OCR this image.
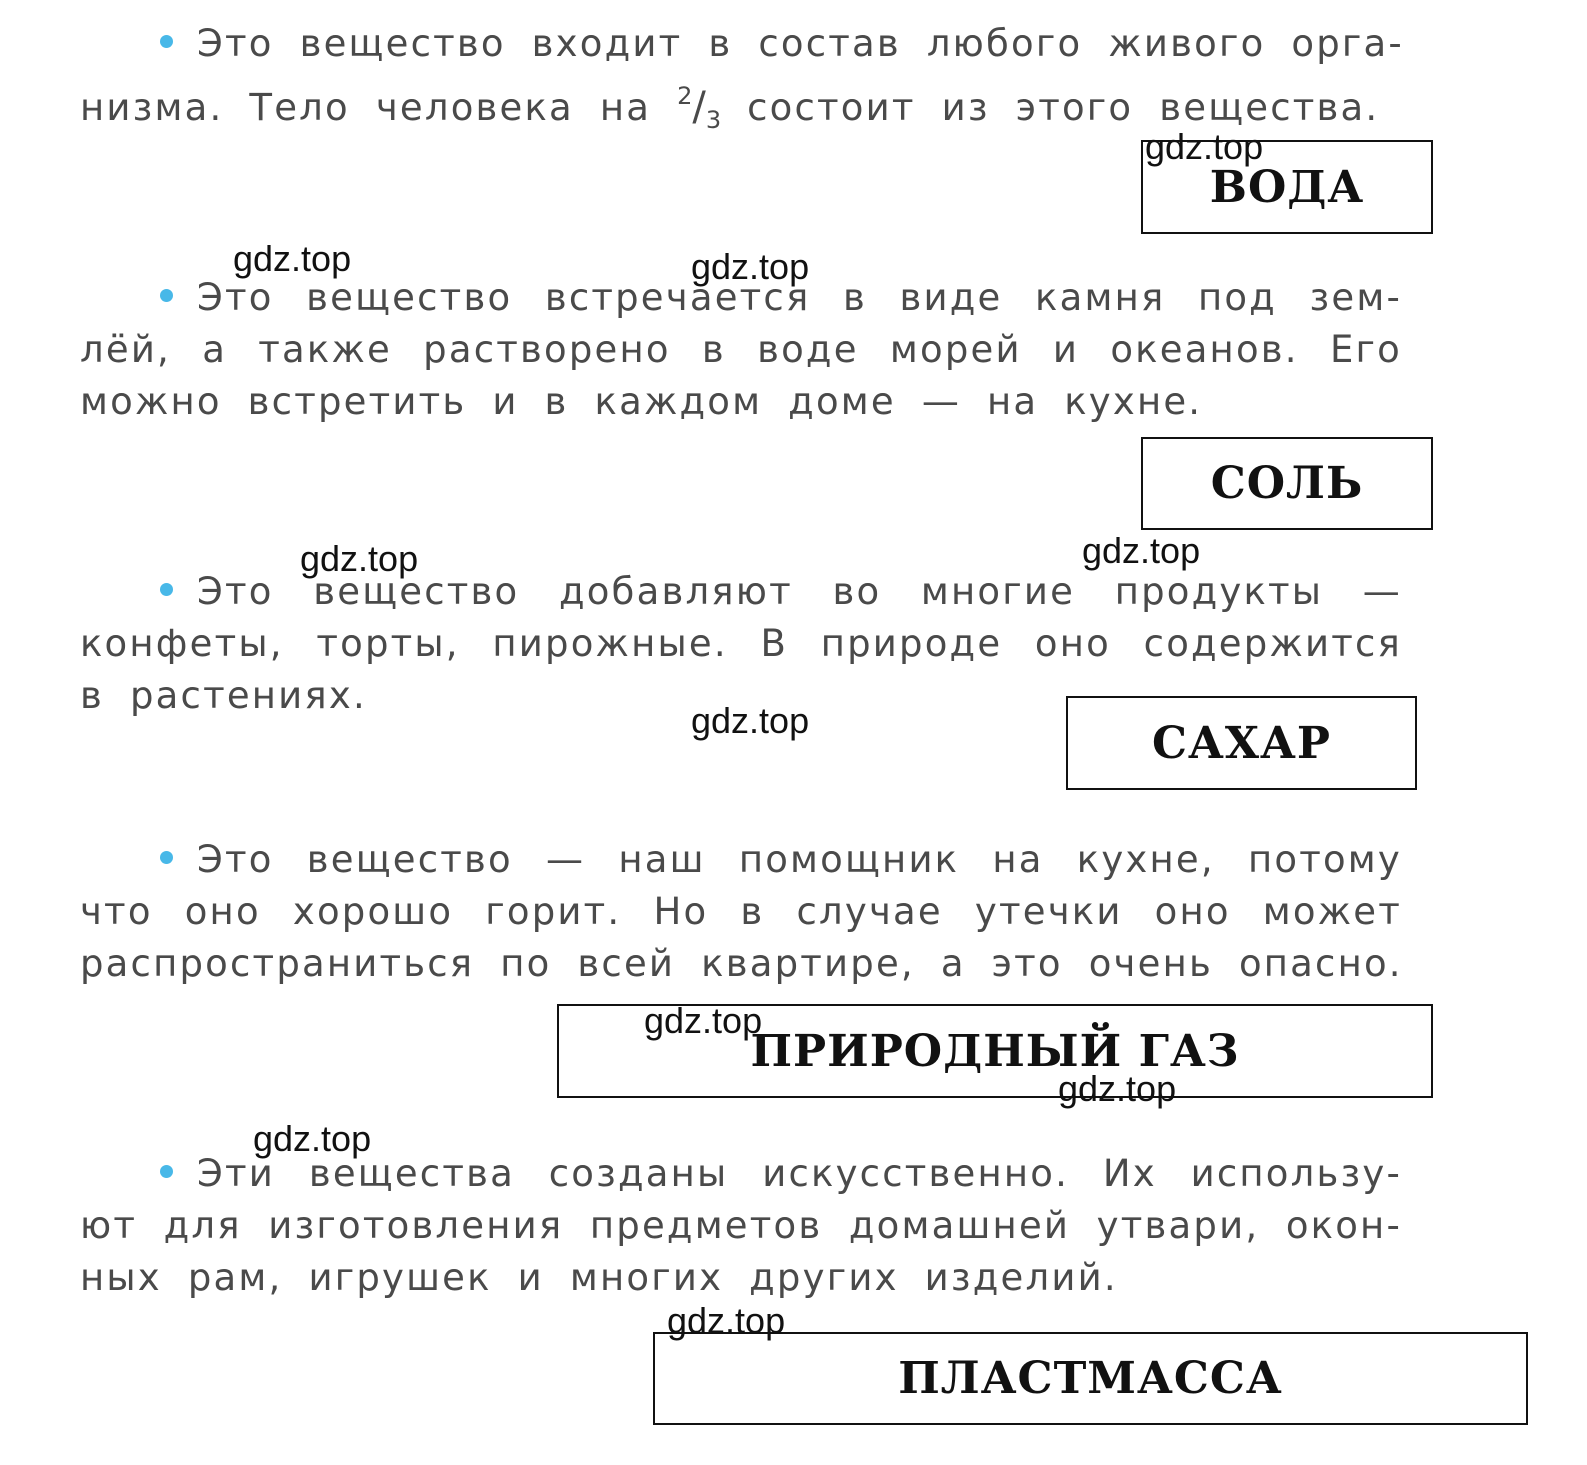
Это вещество входит в состав любого живого орга-
низма. Тело человека на $^2/_3$ состоит из этого вещества.
ВОДА
Это вещество встречается в виде камня под зем-
лёй, а также растворено в воде морей и океанов. Его
можно встретить и в каждом доме — на кухне.
СОЛЬ
Это вещество добавляют во многие продукты —
конфеты, торты, пирожные. В природе оно содержится
в растениях.
САХАР
Это вещество — наш помощник на кухне, потому
что оно хорошо горит. Но в случае утечки оно может
распространиться по всей квартире, а это очень опасно.
ПРИРОДНЫЙ ГАЗ
Эти вещества созданы искусственно. Их использу-
ют для изготовления предметов домашней утвари, окон-
ных рам, игрушек и многих других изделий.
ПЛАСТМАССА
gdz.top
gdz.top	gdz.top
gdz.top	gdz.top
gdz.top
gdz.top
gdz.top
gdz.top
gdz.top
